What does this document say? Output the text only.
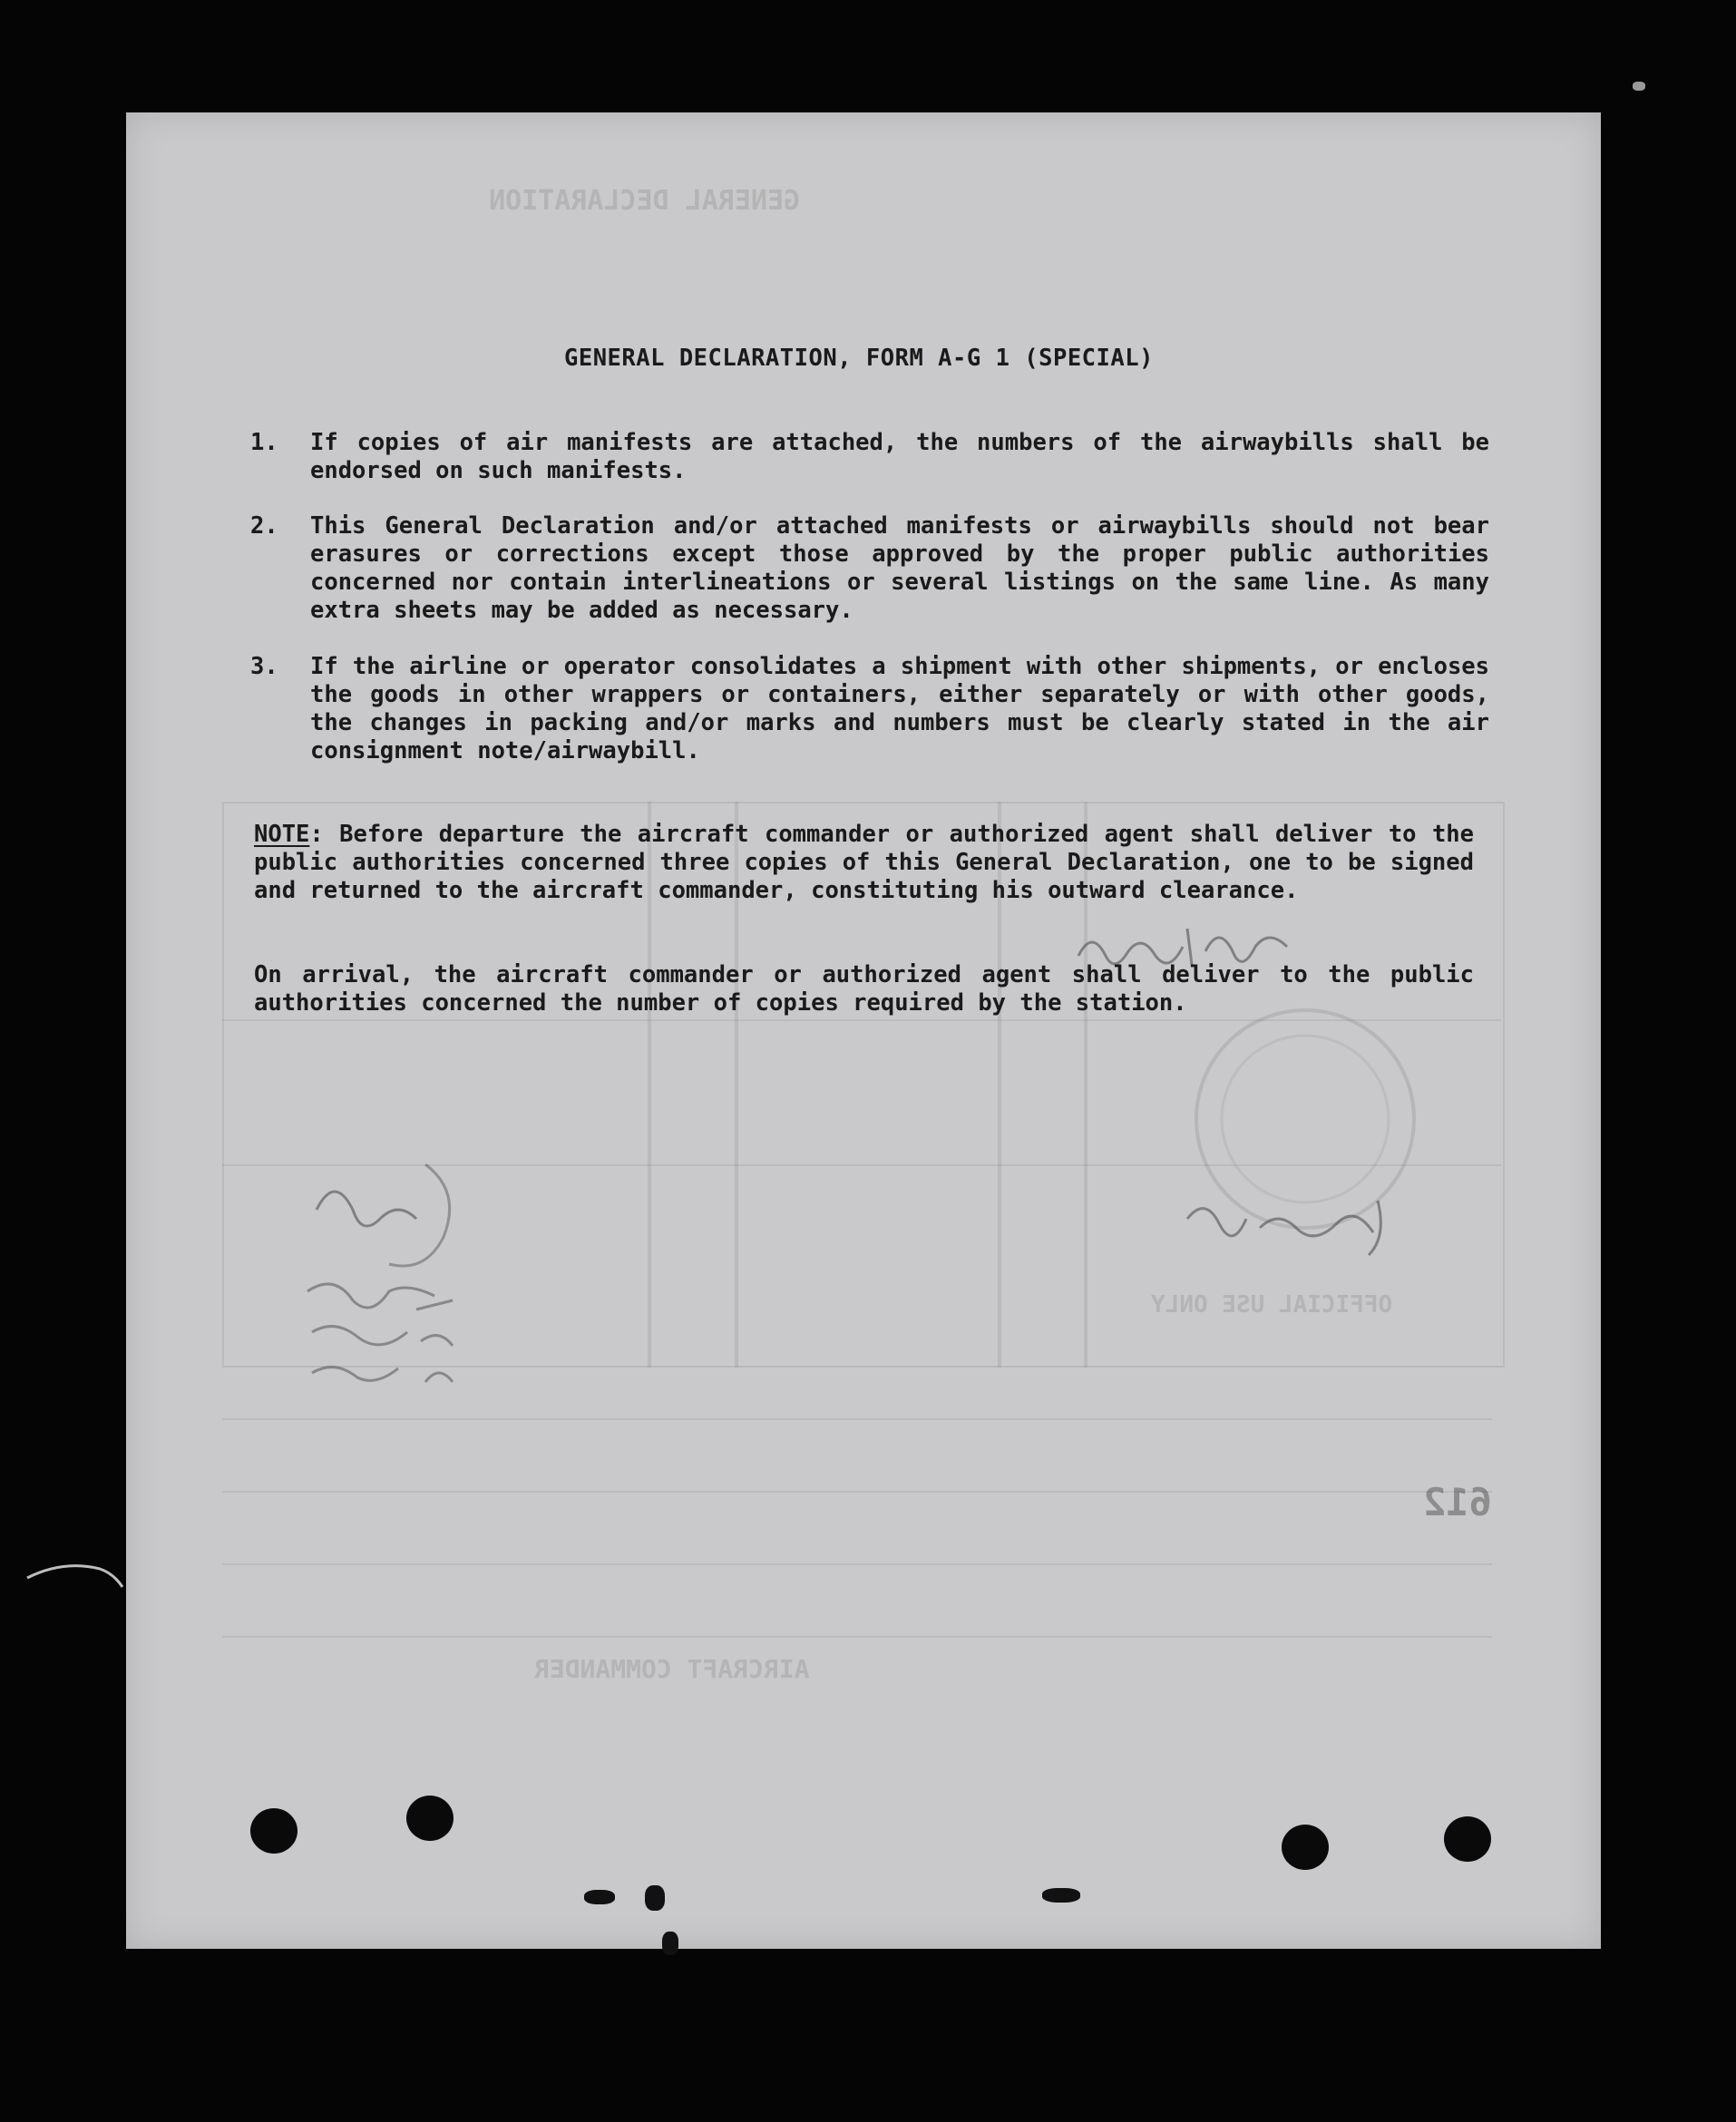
GENERAL DECLARATION
AIRCRAFT COMMANDER
OFFICIAL USE ONLY
612
GENERAL DECLARATION, FORM A-G 1 (SPECIAL)
1.	If copies of air manifests are attached, the numbers of the airwaybills shall be endorsed on such manifests.
2.	This General Declaration and/or attached manifests or airwaybills should not bear erasures or corrections except those approved by the proper public authorities concerned nor contain interlineations or several listings on the same line. As many extra sheets may be added as necessary.
3.	If the airline or operator consolidates a shipment with other shipments, or encloses the goods in other wrappers or containers, either separately or with other goods, the changes in packing and/or marks and numbers must be clearly stated in the air consignment note/airwaybill.

NOTE: Before departure the aircraft commander or authorized agent shall deliver to the public authorities concerned three copies of this General Declaration, one to be signed and returned to the aircraft commander, constituting his outward clearance.

On arrival, the aircraft commander or authorized agent shall deliver to the public authorities concerned the number of copies required by the station.
